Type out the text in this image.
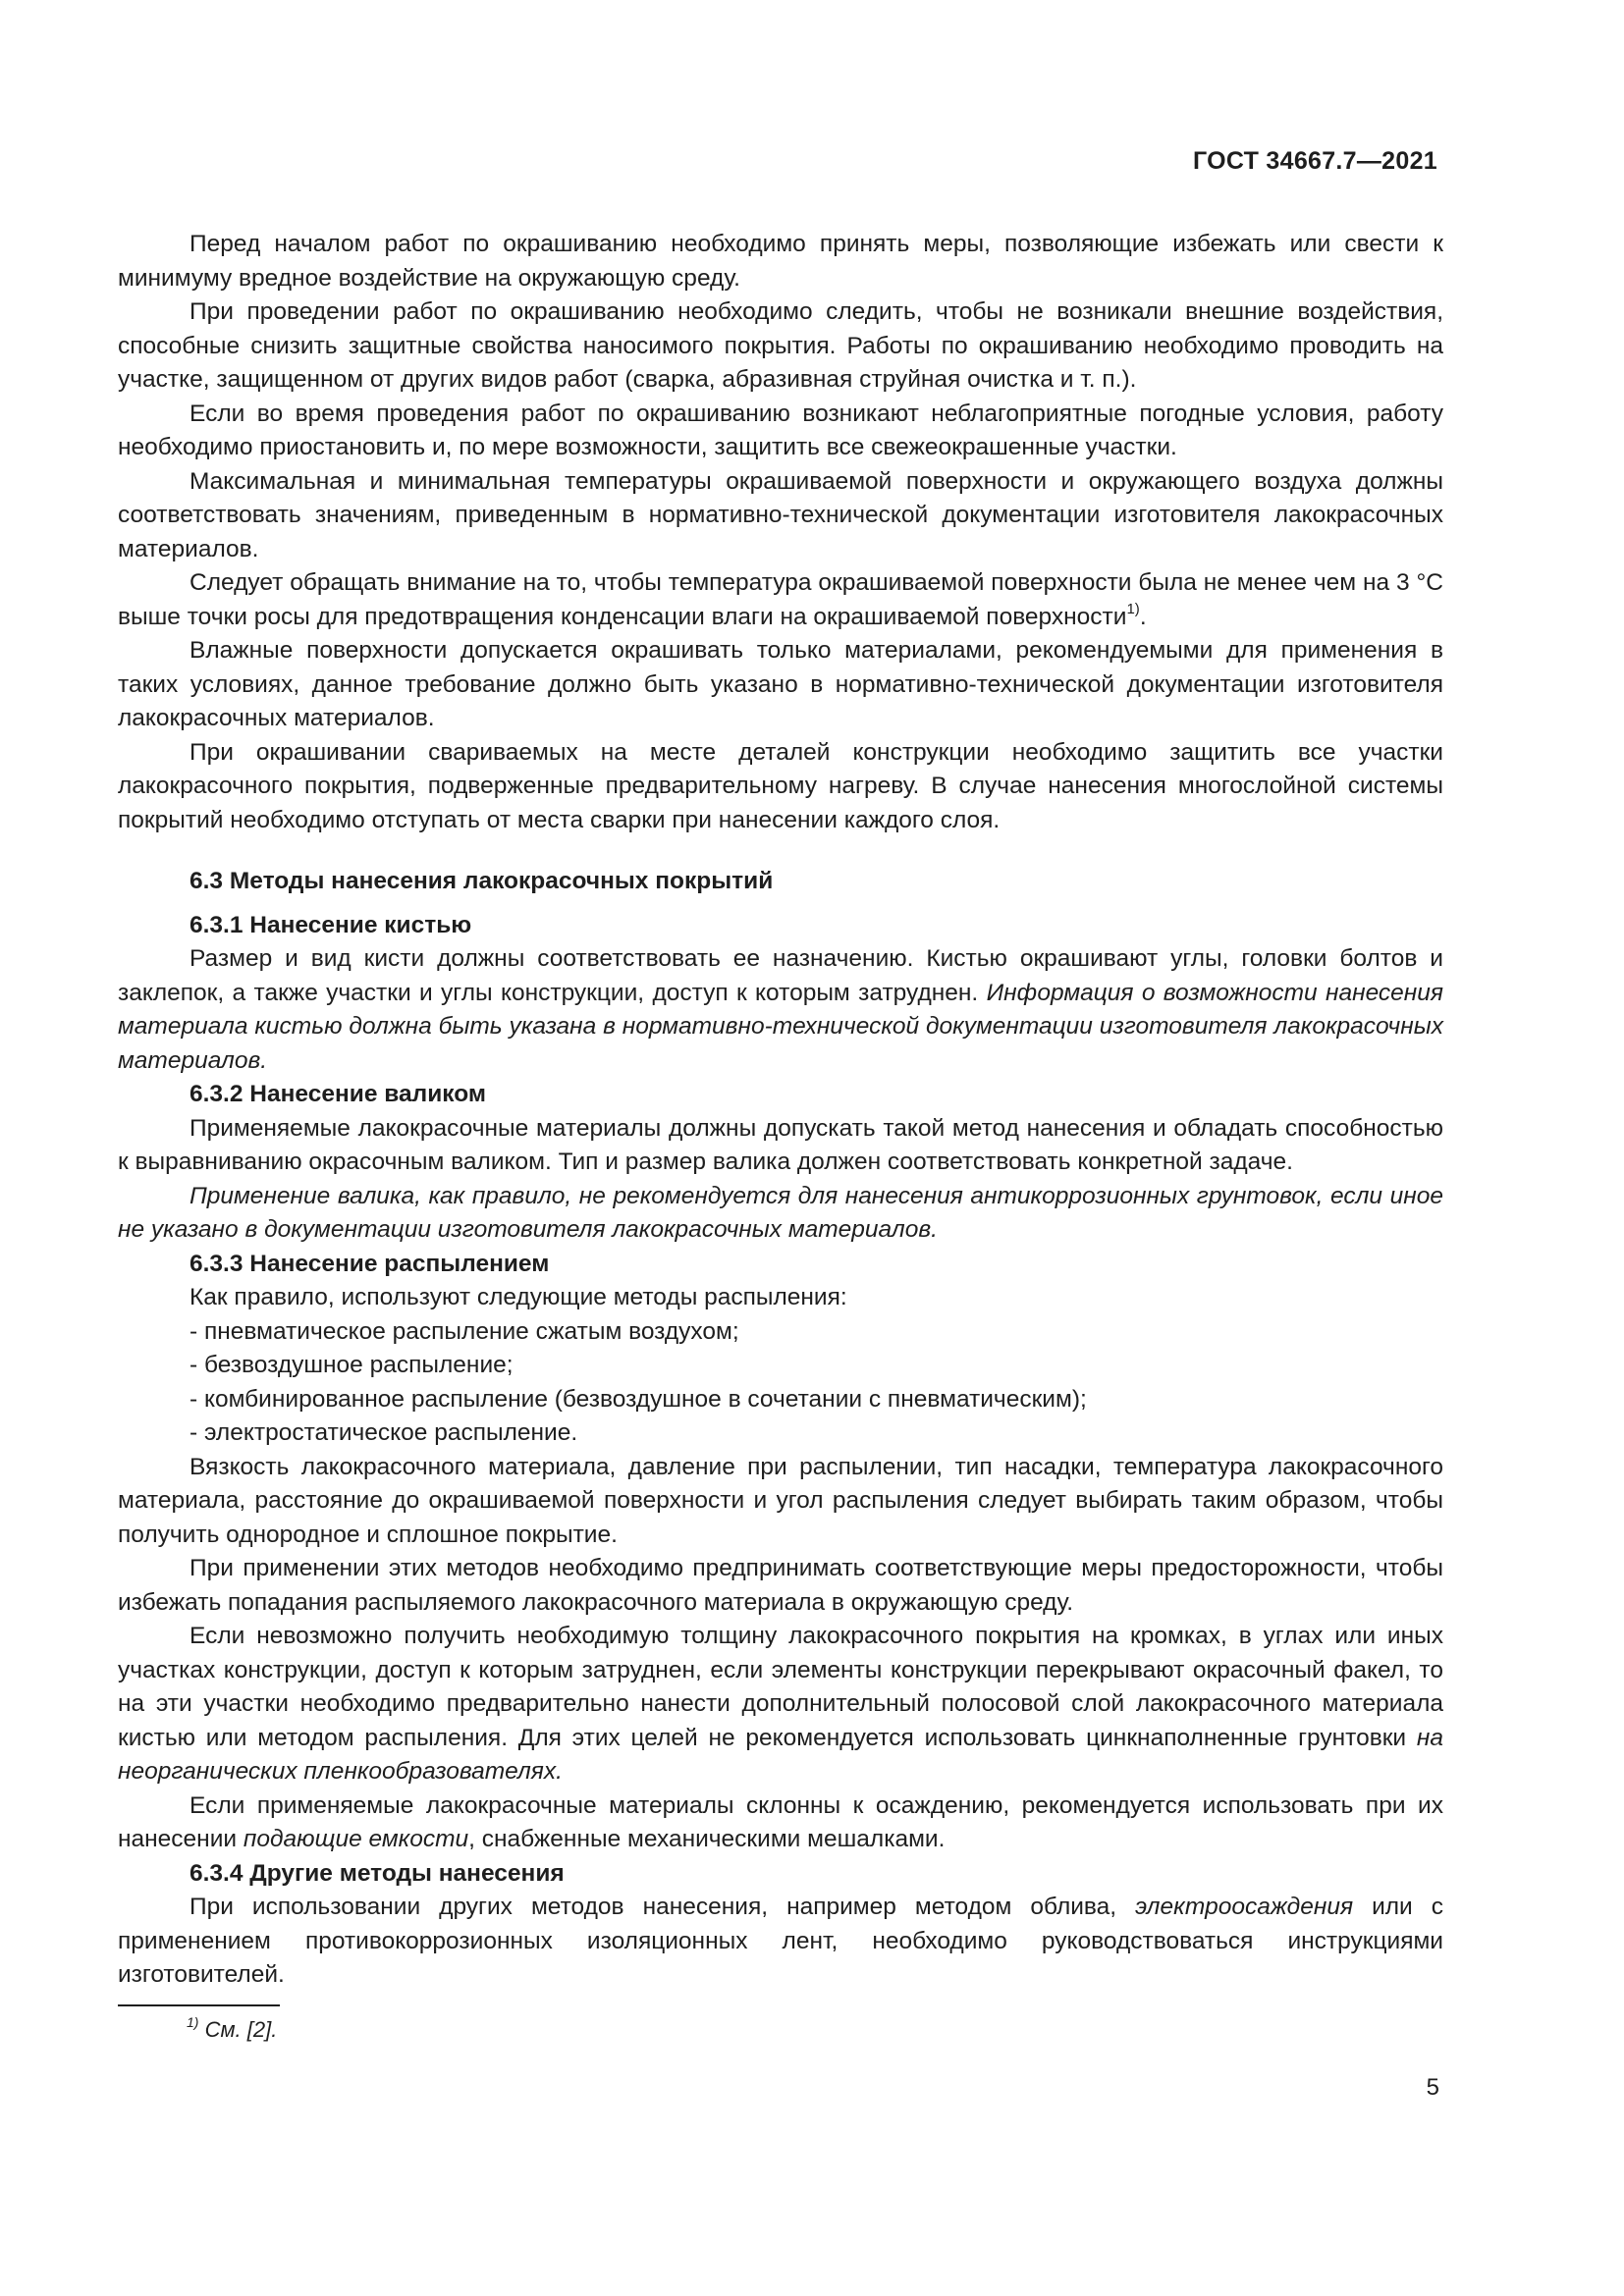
ГОСТ 34667.7—2021

Перед началом работ по окрашиванию необходимо принять меры, позволяющие избежать или свести к минимуму вредное воздействие на окружающую среду.

При проведении работ по окрашиванию необходимо следить, чтобы не возникали внешние воздействия, способные снизить защитные свойства наносимого покрытия. Работы по окрашиванию необходимо проводить на участке, защищенном от других видов работ (сварка, абразивная струйная очистка и т. п.).

Если во время проведения работ по окрашиванию возникают неблагоприятные погодные условия, работу необходимо приостановить и, по мере возможности, защитить все свежеокрашенные участки.

Максимальная и минимальная температуры окрашиваемой поверхности и окружающего воздуха должны соответствовать значениям, приведенным в нормативно-технической документации изготовителя лакокрасочных материалов.

Следует обращать внимание на то, чтобы температура окрашиваемой поверхности была не менее чем на 3 °C выше точки росы для предотвращения конденсации влаги на окрашиваемой поверхности$^{1)}$.

Влажные поверхности допускается окрашивать только материалами, рекомендуемыми для применения в таких условиях, данное требование должно быть указано в нормативно-технической документации изготовителя лакокрасочных материалов.

При окрашивании свариваемых на месте деталей конструкции необходимо защитить все участки лакокрасочного покрытия, подверженные предварительному нагреву. В случае нанесения многослойной системы покрытий необходимо отступать от места сварки при нанесении каждого слоя.

6.3 Методы нанесения лакокрасочных покрытий
6.3.1 Нанесение кистью

Размер и вид кисти должны соответствовать ее назначению. Кистью окрашивают углы, головки болтов и заклепок, а также участки и углы конструкции, доступ к которым затруднен. Информация о возможности нанесения материала кистью должна быть указана в нормативно-технической документации изготовителя лакокрасочных материалов.

6.3.2 Нанесение валиком

Применяемые лакокрасочные материалы должны допускать такой метод нанесения и обладать способностью к выравниванию окрасочным валиком. Тип и размер валика должен соответствовать конкретной задаче.

Применение валика, как правило, не рекомендуется для нанесения антикоррозионных грунтовок, если иное не указано в документации изготовителя лакокрасочных материалов.

6.3.3 Нанесение распылением
Как правило, используют следующие методы распыления:
- пневматическое распыление сжатым воздухом;
- безвоздушное распыление;
- комбинированное распыление (безвоздушное в сочетании с пневматическим);
- электростатическое распыление.

Вязкость лакокрасочного материала, давление при распылении, тип насадки, температура лакокрасочного материала, расстояние до окрашиваемой поверхности и угол распыления следует выбирать таким образом, чтобы получить однородное и сплошное покрытие.

При применении этих методов необходимо предпринимать соответствующие меры предосторожности, чтобы избежать попадания распыляемого лакокрасочного материала в окружающую среду.

Если невозможно получить необходимую толщину лакокрасочного покрытия на кромках, в углах или иных участках конструкции, доступ к которым затруднен, если элементы конструкции перекрывают окрасочный факел, то на эти участки необходимо предварительно нанести дополнительный полосовой слой лакокрасочного материала кистью или методом распыления. Для этих целей не рекомендуется использовать цинкнаполненные грунтовки на неорганических пленкообразователях.

Если применяемые лакокрасочные материалы склонны к осаждению, рекомендуется использовать при их нанесении подающие емкости, снабженные механическими мешалками.

6.3.4 Другие методы нанесения

При использовании других методов нанесения, например методом облива, электроосаждения или с применением противокоррозионных изоляционных лент, необходимо руководствоваться инструкциями изготовителей.

$^{1)}$ См. [2].
5
